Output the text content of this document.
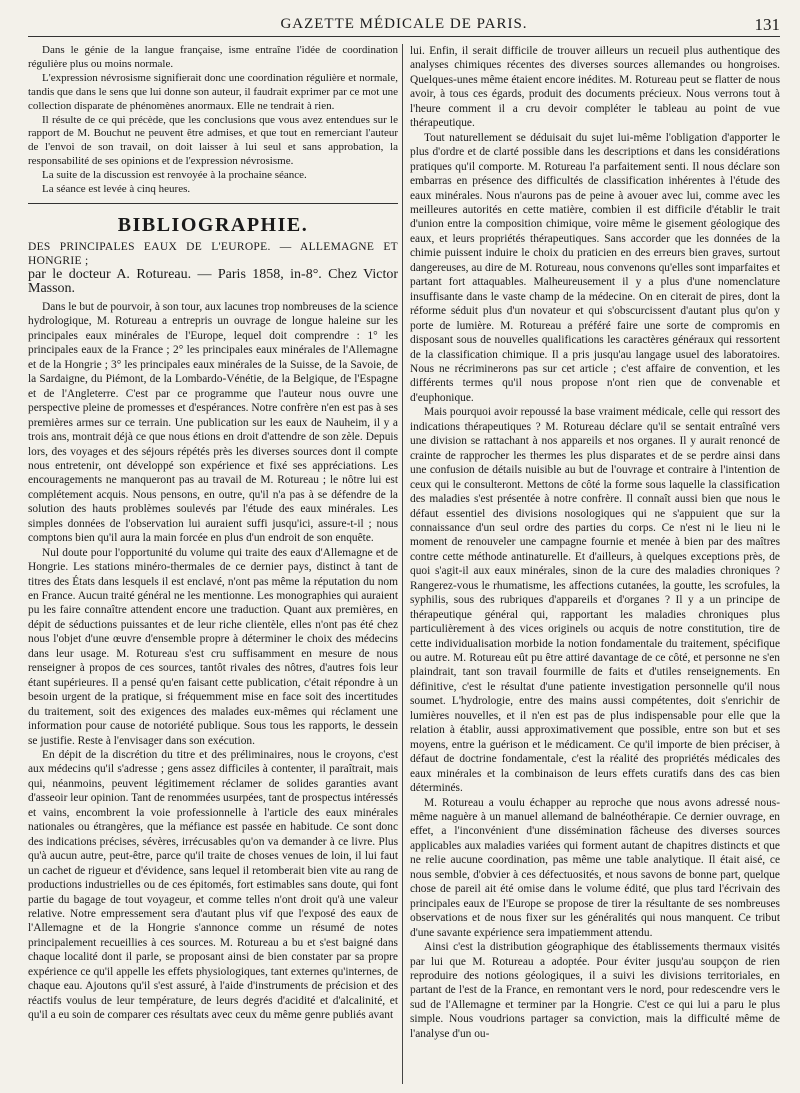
GAZETTE MÉDICALE DE PARIS.	131

Dans le génie de la langue française, isme entraîne l'idée de coordination régulière plus ou moins normale.

L'expression névrosisme signifierait donc une coordination régulière et normale, tandis que dans le sens que lui donne son auteur, il faudrait exprimer par ce mot une collection disparate de phénomènes anormaux. Elle ne tendrait à rien.

Il résulte de ce qui précède, que les conclusions que vous avez entendues sur le rapport de M. Bouchut ne peuvent être admises, et que tout en remerciant l'auteur de l'envoi de son travail, on doit laisser à lui seul et sans approbation, la responsabilité de ses opinions et de l'expression névrosisme.

La suite de la discussion est renvoyée à la prochaine séance.

La séance est levée à cinq heures.

BIBLIOGRAPHIE.

DES PRINCIPALES EAUX DE L'EUROPE. — ALLEMAGNE ET HONGRIE ;
par le docteur A. Rotureau. — Paris 1858, in-8°. Chez Victor Masson.

Dans le but de pourvoir, à son tour, aux lacunes trop nombreuses de la science hydrologique, M. Rotureau a entrepris un ouvrage de longue haleine sur les principales eaux minérales de l'Europe, lequel doit comprendre : 1° les principales eaux de la France ; 2° les principales eaux minérales de l'Allemagne et de la Hongrie ; 3° les principales eaux minérales de la Suisse, de la Savoie, de la Sardaigne, du Piémont, de la Lombardo-Vénétie, de la Belgique, de l'Espagne et de l'Angleterre. C'est par ce programme que l'auteur nous ouvre une perspective pleine de promesses et d'espérances. Notre confrère n'en est pas à ses premières armes sur ce terrain. Une publication sur les eaux de Nauheim, il y a trois ans, montrait déjà ce que nous étions en droit d'attendre de son zèle. Depuis lors, des voyages et des séjours répétés près les diverses sources dont il compte nous entretenir, ont développé son expérience et fixé ses appréciations. Les encouragements ne manqueront pas au travail de M. Rotureau ; le nôtre lui est complétement acquis. Nous pensons, en outre, qu'il n'a pas à se défendre de la solution des hauts problèmes soulevés par l'étude des eaux minérales. Les simples données de l'observation lui auraient suffi jusqu'ici, assure-t-il ; nous comptons bien qu'il aura la main forcée en plus d'un endroit de son enquête.

Nul doute pour l'opportunité du volume qui traite des eaux d'Allemagne et de Hongrie. Les stations minéro-thermales de ce dernier pays, distinct à tant de titres des États dans lesquels il est enclavé, n'ont pas même la réputation du nom en France. Aucun traité général ne les mentionne. Les monographies qui auraient pu les faire connaître attendent encore une traduction. Quant aux premières, en dépit de séductions puissantes et de leur riche clientèle, elles n'ont pas été chez nous l'objet d'une œuvre d'ensemble propre à déterminer le choix des médecins dans leur usage. M. Rotureau s'est cru suffisamment en mesure de nous renseigner à propos de ces sources, tantôt rivales des nôtres, d'autres fois leur étant supérieures. Il a pensé qu'en faisant cette publication, c'était répondre à un besoin urgent de la pratique, si fréquemment mise en face soit des incertitudes du traitement, soit des exigences des malades eux-mêmes qui réclament une information pour cause de notoriété publique. Sous tous les rapports, le dessein se justifie. Reste à l'envisager dans son exécution.

En dépit de la discrétion du titre et des préliminaires, nous le croyons, c'est aux médecins qu'il s'adresse ; gens assez difficiles à contenter, il paraîtrait, mais qui, néanmoins, peuvent légitimement réclamer de solides garanties avant d'asseoir leur opinion. Tant de renommées usurpées, tant de prospectus intéressés et vains, encombrent la voie professionnelle à l'article des eaux minérales nationales ou étrangères, que la méfiance est passée en habitude. Ce sont donc des indications précises, sévères, irrécusables qu'on va demander à ce livre. Plus qu'à aucun autre, peut-être, parce qu'il traite de choses venues de loin, il lui faut un cachet de rigueur et d'évidence, sans lequel il retomberait bien vite au rang de productions industrielles ou de ces épitomés, fort estimables sans doute, qui font partie du bagage de tout voyageur, et comme telles n'ont droit qu'à une valeur relative. Notre empressement sera d'autant plus vif que l'exposé des eaux de l'Allemagne et de la Hongrie s'annonce comme un résumé de notes principalement recueillies à ces sources. M. Rotureau a bu et s'est baigné dans chaque localité dont il parle, se proposant ainsi de bien constater par sa propre expérience ce qu'il appelle les effets physiologiques, tant externes qu'internes, de chaque eau. Ajoutons qu'il s'est assuré, à l'aide d'instruments de précision et des réactifs voulus de leur température, de leurs degrés d'acidité et d'alcalinité, et qu'il a eu soin de comparer ces résultats avec ceux du même genre publiés avant

lui. Enfin, il serait difficile de trouver ailleurs un recueil plus authentique des analyses chimiques récentes des diverses sources allemandes ou hongroises. Quelques-unes même étaient encore inédites. M. Rotureau peut se flatter de nous avoir, à tous ces égards, produit des documents précieux. Nous verrons tout à l'heure comment il a cru devoir compléter le tableau au point de vue thérapeutique.

Tout naturellement se déduisait du sujet lui-même l'obligation d'apporter le plus d'ordre et de clarté possible dans les descriptions et dans les considérations pratiques qu'il comporte. M. Rotureau l'a parfaitement senti. Il nous déclare son embarras en présence des difficultés de classification inhérentes à l'étude des eaux minérales. Nous n'aurons pas de peine à avouer avec lui, comme avec les meilleures autorités en cette matière, combien il est difficile d'établir le trait d'union entre la composition chimique, voire même le gisement géologique des eaux, et leurs propriétés thérapeutiques. Sans accorder que les données de la chimie puissent induire le choix du praticien en des erreurs bien graves, surtout dangereuses, au dire de M. Rotureau, nous convenons qu'elles sont imparfaites et partant fort attaquables. Malheureusement il y a plus d'une nomenclature insuffisante dans le vaste champ de la médecine. On en citerait de pires, dont la réforme séduit plus d'un novateur et qui s'obscurcissent d'autant plus qu'on y porte de lumière. M. Rotureau a préféré faire une sorte de compromis en disposant sous de nouvelles qualifications les caractères généraux qui ressortent de la classification chimique. Il a pris jusqu'au langage usuel des laboratoires. Nous ne récriminerons pas sur cet article ; c'est affaire de convention, et les différents termes qu'il nous propose n'ont rien que de convenable et d'euphonique.

Mais pourquoi avoir repoussé la base vraiment médicale, celle qui ressort des indications thérapeutiques ? M. Rotureau déclare qu'il se sentait entraîné vers une division se rattachant à nos appareils et nos organes. Il y aurait renoncé de crainte de rapprocher les thermes les plus disparates et de se perdre ainsi dans une confusion de détails nuisible au but de l'ouvrage et contraire à l'intention de ceux qui le consulteront. Mettons de côté la forme sous laquelle la classification des maladies s'est présentée à notre confrère. Il connaît aussi bien que nous le défaut essentiel des divisions nosologiques qui ne s'appuient que sur la connaissance d'un seul ordre des parties du corps. Ce n'est ni le lieu ni le moment de renouveler une campagne fournie et menée à bien par des maîtres contre cette méthode antinaturelle. Et d'ailleurs, à quelques exceptions près, de quoi s'agit-il aux eaux minérales, sinon de la cure des maladies chroniques ? Rangerez-vous le rhumatisme, les affections cutanées, la goutte, les scrofules, la syphilis, sous des rubriques d'appareils et d'organes ? Il y a un principe de thérapeutique général qui, rapportant les maladies chroniques plus particulièrement à des vices originels ou acquis de notre constitution, tire de cette individualisation morbide la notion fondamentale du traitement, spécifique ou autre. M. Rotureau eût pu être attiré davantage de ce côté, et personne ne s'en plaindrait, tant son travail fourmille de faits et d'utiles renseignements. En définitive, c'est le résultat d'une patiente investigation personnelle qu'il nous soumet. L'hydrologie, entre des mains aussi compétentes, doit s'enrichir de lumières nouvelles, et il n'en est pas de plus indispensable pour elle que la relation à établir, aussi approximativement que possible, entre son but et ses moyens, entre la guérison et le médicament. Ce qu'il importe de bien préciser, à défaut de doctrine fondamentale, c'est la réalité des propriétés médicales des eaux minérales et la combinaison de leurs effets curatifs dans des cas bien déterminés.

M. Rotureau a voulu échapper au reproche que nous avons adressé nous-même naguère à un manuel allemand de balnéothérapie. Ce dernier ouvrage, en effet, a l'inconvénient d'une dissémination fâcheuse des diverses sources applicables aux maladies variées qui forment autant de chapitres distincts et que ne relie aucune coordination, pas même une table analytique. Il était aisé, ce nous semble, d'obvier à ces défectuosités, et nous savons de bonne part, quelque chose de pareil ait été omise dans le volume édité, que plus tard l'écrivain des principales eaux de l'Europe se propose de tirer la résultante de ses nombreuses observations et de nous fixer sur les généralités qui nous manquent. Ce tribut d'une savante expérience sera impatiemment attendu.

Ainsi c'est la distribution géographique des établissements thermaux visités par lui que M. Rotureau a adoptée. Pour éviter jusqu'au soupçon de rien reproduire des notions géologiques, il a suivi les divisions territoriales, en partant de l'est de la France, en remontant vers le nord, pour redescendre vers le sud de l'Allemagne et terminer par la Hongrie. C'est ce qui lui a paru le plus simple. Nous voudrions partager sa conviction, mais la difficulté même de l'analyse d'un ou-
